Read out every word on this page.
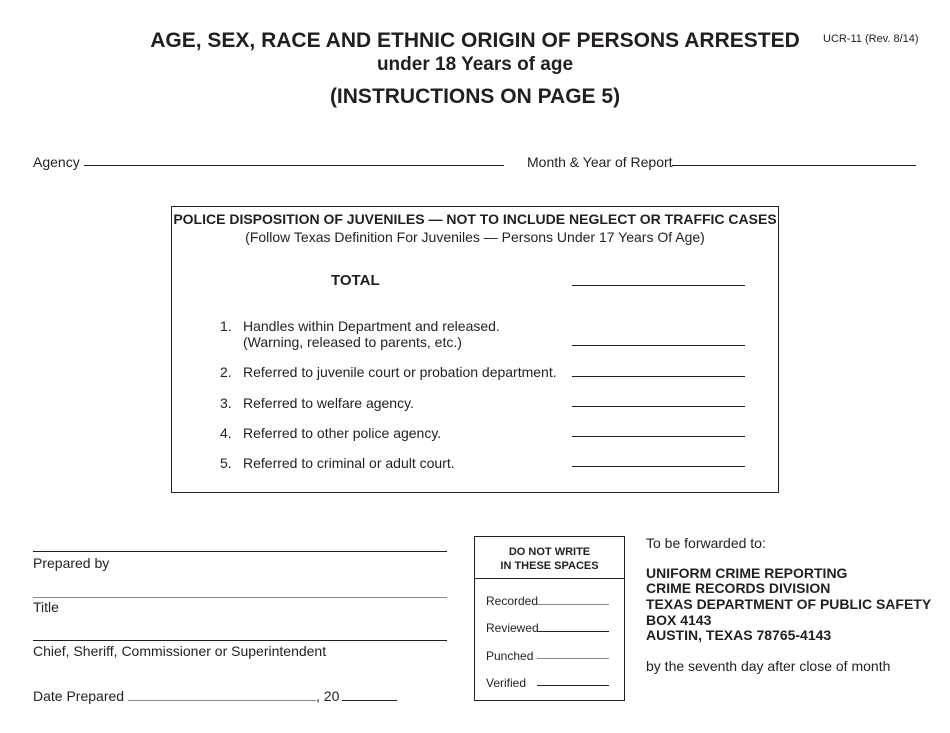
AGE, SEX, RACE AND ETHNIC ORIGIN OF PERSONS ARRESTED	UCR-11 (Rev. 8/14)
under 18 Years of age
(INSTRUCTIONS ON PAGE 5)
Agency	Month & Year of Report
POLICE DISPOSITION OF JUVENILES — NOT TO INCLUDE NEGLECT OR TRAFFIC CASES
(Follow Texas Definition For Juveniles — Persons Under 17 Years Of Age)
TOTAL
1. Handles within Department and released.
(Warning, released to parents, etc.)
2. Referred to juvenile court or probation department.
3. Referred to welfare agency.
4. Referred to other police agency.
5. Referred to criminal or adult court.
Prepared by
Title
Chief, Sheriff, Commissioner or Superintendent
Date Prepared	, 20
DO NOT WRITE
IN THESE SPACES
Recorded
Reviewed
Punched
Verified
To be forwarded to:
UNIFORM CRIME REPORTING
CRIME RECORDS DIVISION
TEXAS DEPARTMENT OF PUBLIC SAFETY
BOX 4143
AUSTIN, TEXAS 78765-4143
by the seventh day after close of month
